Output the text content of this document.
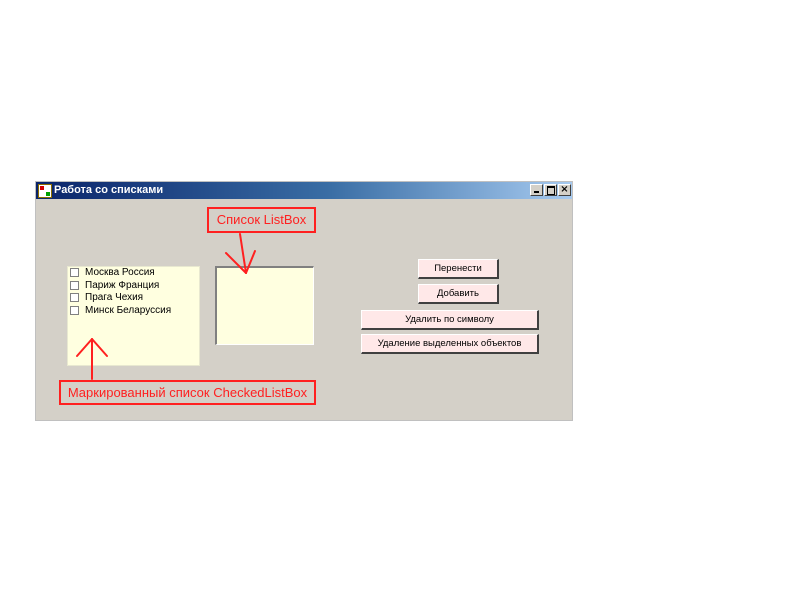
Работа со списками	×
Москва Россия
Париж Франция
Прага Чехия
Минск Беларуссия
Перенести
Добавить
Удалить по символу
Удаление выделенных объектов
Список ListBox
Маркированный список CheckedListBox
